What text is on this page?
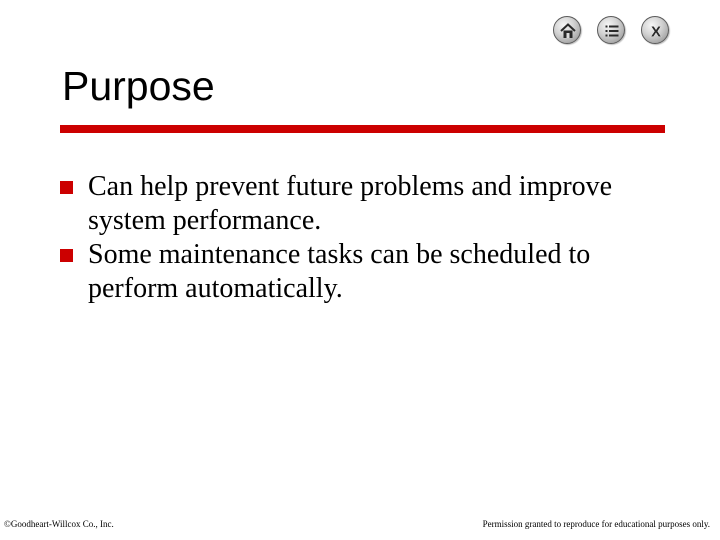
X
Purpose
Can help prevent future problems and improve system performance.
Some maintenance tasks can be scheduled to perform automatically.
©Goodheart-Willcox Co., Inc.	Permission granted to reproduce for educational purposes only.
